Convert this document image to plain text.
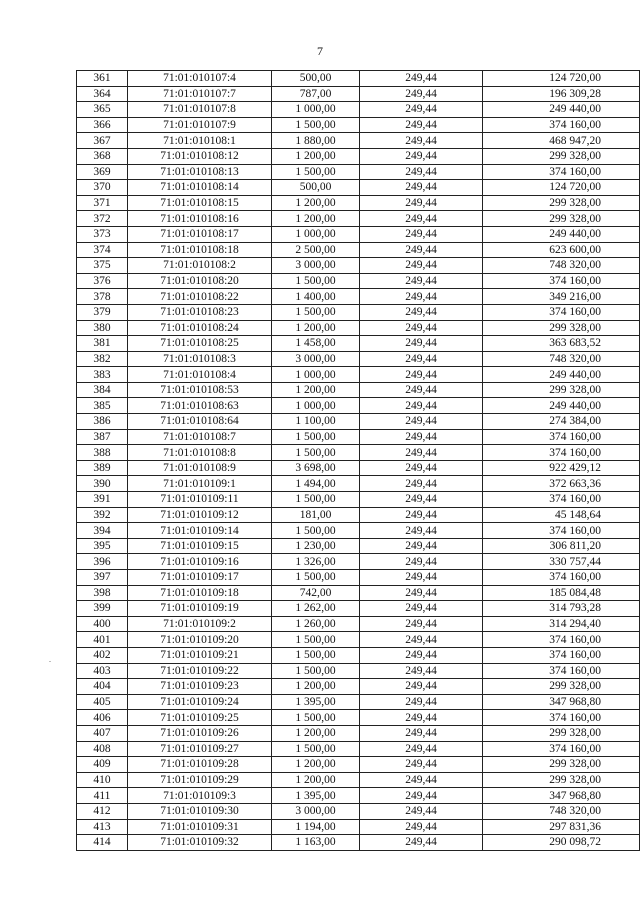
7
.
361	71:01:010107:4	500,00	249,44	124 720,00
364	71:01:010107:7	787,00	249,44	196 309,28
365	71:01:010107:8	1 000,00	249,44	249 440,00
366	71:01:010107:9	1 500,00	249,44	374 160,00
367	71:01:010108:1	1 880,00	249,44	468 947,20
368	71:01:010108:12	1 200,00	249,44	299 328,00
369	71:01:010108:13	1 500,00	249,44	374 160,00
370	71:01:010108:14	500,00	249,44	124 720,00
371	71:01:010108:15	1 200,00	249,44	299 328,00
372	71:01:010108:16	1 200,00	249,44	299 328,00
373	71:01:010108:17	1 000,00	249,44	249 440,00
374	71:01:010108:18	2 500,00	249,44	623 600,00
375	71:01:010108:2	3 000,00	249,44	748 320,00
376	71:01:010108:20	1 500,00	249,44	374 160,00
378	71:01:010108:22	1 400,00	249,44	349 216,00
379	71:01:010108:23	1 500,00	249,44	374 160,00
380	71:01:010108:24	1 200,00	249,44	299 328,00
381	71:01:010108:25	1 458,00	249,44	363 683,52
382	71:01:010108:3	3 000,00	249,44	748 320,00
383	71:01:010108:4	1 000,00	249,44	249 440,00
384	71:01:010108:53	1 200,00	249,44	299 328,00
385	71:01:010108:63	1 000,00	249,44	249 440,00
386	71:01:010108:64	1 100,00	249,44	274 384,00
387	71:01:010108:7	1 500,00	249,44	374 160,00
388	71:01:010108:8	1 500,00	249,44	374 160,00
389	71:01:010108:9	3 698,00	249,44	922 429,12
390	71:01:010109:1	1 494,00	249,44	372 663,36
391	71:01:010109:11	1 500,00	249,44	374 160,00
392	71:01:010109:12	181,00	249,44	45 148,64
394	71:01:010109:14	1 500,00	249,44	374 160,00
395	71:01:010109:15	1 230,00	249,44	306 811,20
396	71:01:010109:16	1 326,00	249,44	330 757,44
397	71:01:010109:17	1 500,00	249,44	374 160,00
398	71:01:010109:18	742,00	249,44	185 084,48
399	71:01:010109:19	1 262,00	249,44	314 793,28
400	71:01:010109:2	1 260,00	249,44	314 294,40
401	71:01:010109:20	1 500,00	249,44	374 160,00
402	71:01:010109:21	1 500,00	249,44	374 160,00
403	71:01:010109:22	1 500,00	249,44	374 160,00
404	71:01:010109:23	1 200,00	249,44	299 328,00
405	71:01:010109:24	1 395,00	249,44	347 968,80
406	71:01:010109:25	1 500,00	249,44	374 160,00
407	71:01:010109:26	1 200,00	249,44	299 328,00
408	71:01:010109:27	1 500,00	249,44	374 160,00
409	71:01:010109:28	1 200,00	249,44	299 328,00
410	71:01:010109:29	1 200,00	249,44	299 328,00
411	71:01:010109:3	1 395,00	249,44	347 968,80
412	71:01:010109:30	3 000,00	249,44	748 320,00
413	71:01:010109:31	1 194,00	249,44	297 831,36
414	71:01:010109:32	1 163,00	249,44	290 098,72
